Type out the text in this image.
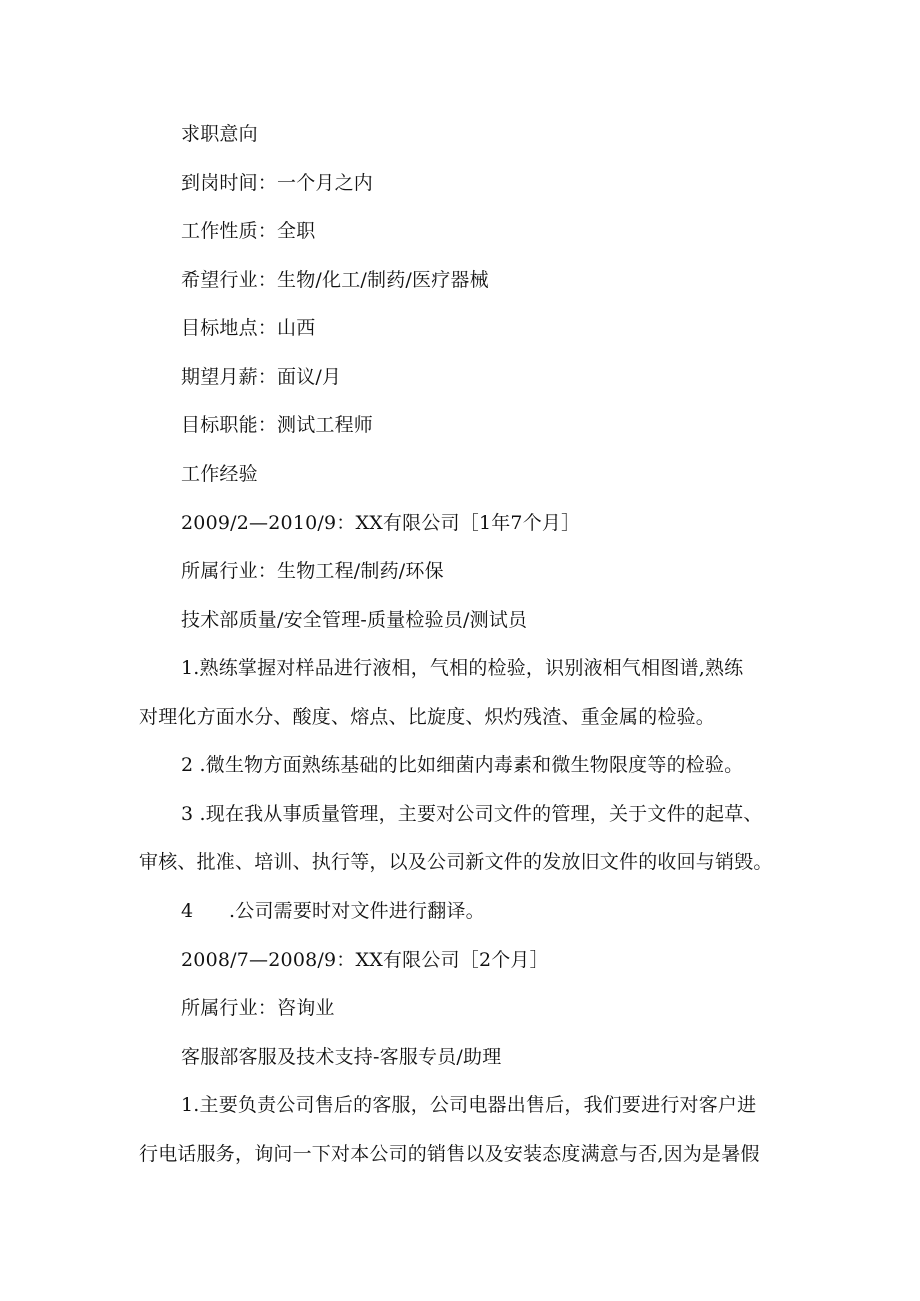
求职意向
到岗时间：一个月之内
工作性质：全职
希望行业：生物/化工/制药/医疗器械
目标地点：山西
期望月薪：面议/月
目标职能：测试工程师
工作经验
2009/2—2010/9：XX有限公司［1年7个月］
所属行业：生物工程/制药/环保
技术部质量/安全管理-质量检验员/测试员
1.熟练掌握对样品进行液相，气相的检验，识别液相气相图谱,熟练
对理化方面水分、酸度、熔点、比旋度、炽灼残渣、重金属的检验。
2 .微生物方面熟练基础的比如细菌内毒素和微生物限度等的检验。
3 .现在我从事质量管理，主要对公司文件的管理，关于文件的起草、
审核、批准、培训、执行等，以及公司新文件的发放旧文件的收回与销毁。
4 .公司需要时对文件进行翻译。
2008/7—2008/9：XX有限公司［2个月］
所属行业：咨询业
客服部客服及技术支持-客服专员/助理
1.主要负责公司售后的客服，公司电器出售后，我们要进行对客户进
行电话服务，询问一下对本公司的销售以及安装态度满意与否,因为是暑假
